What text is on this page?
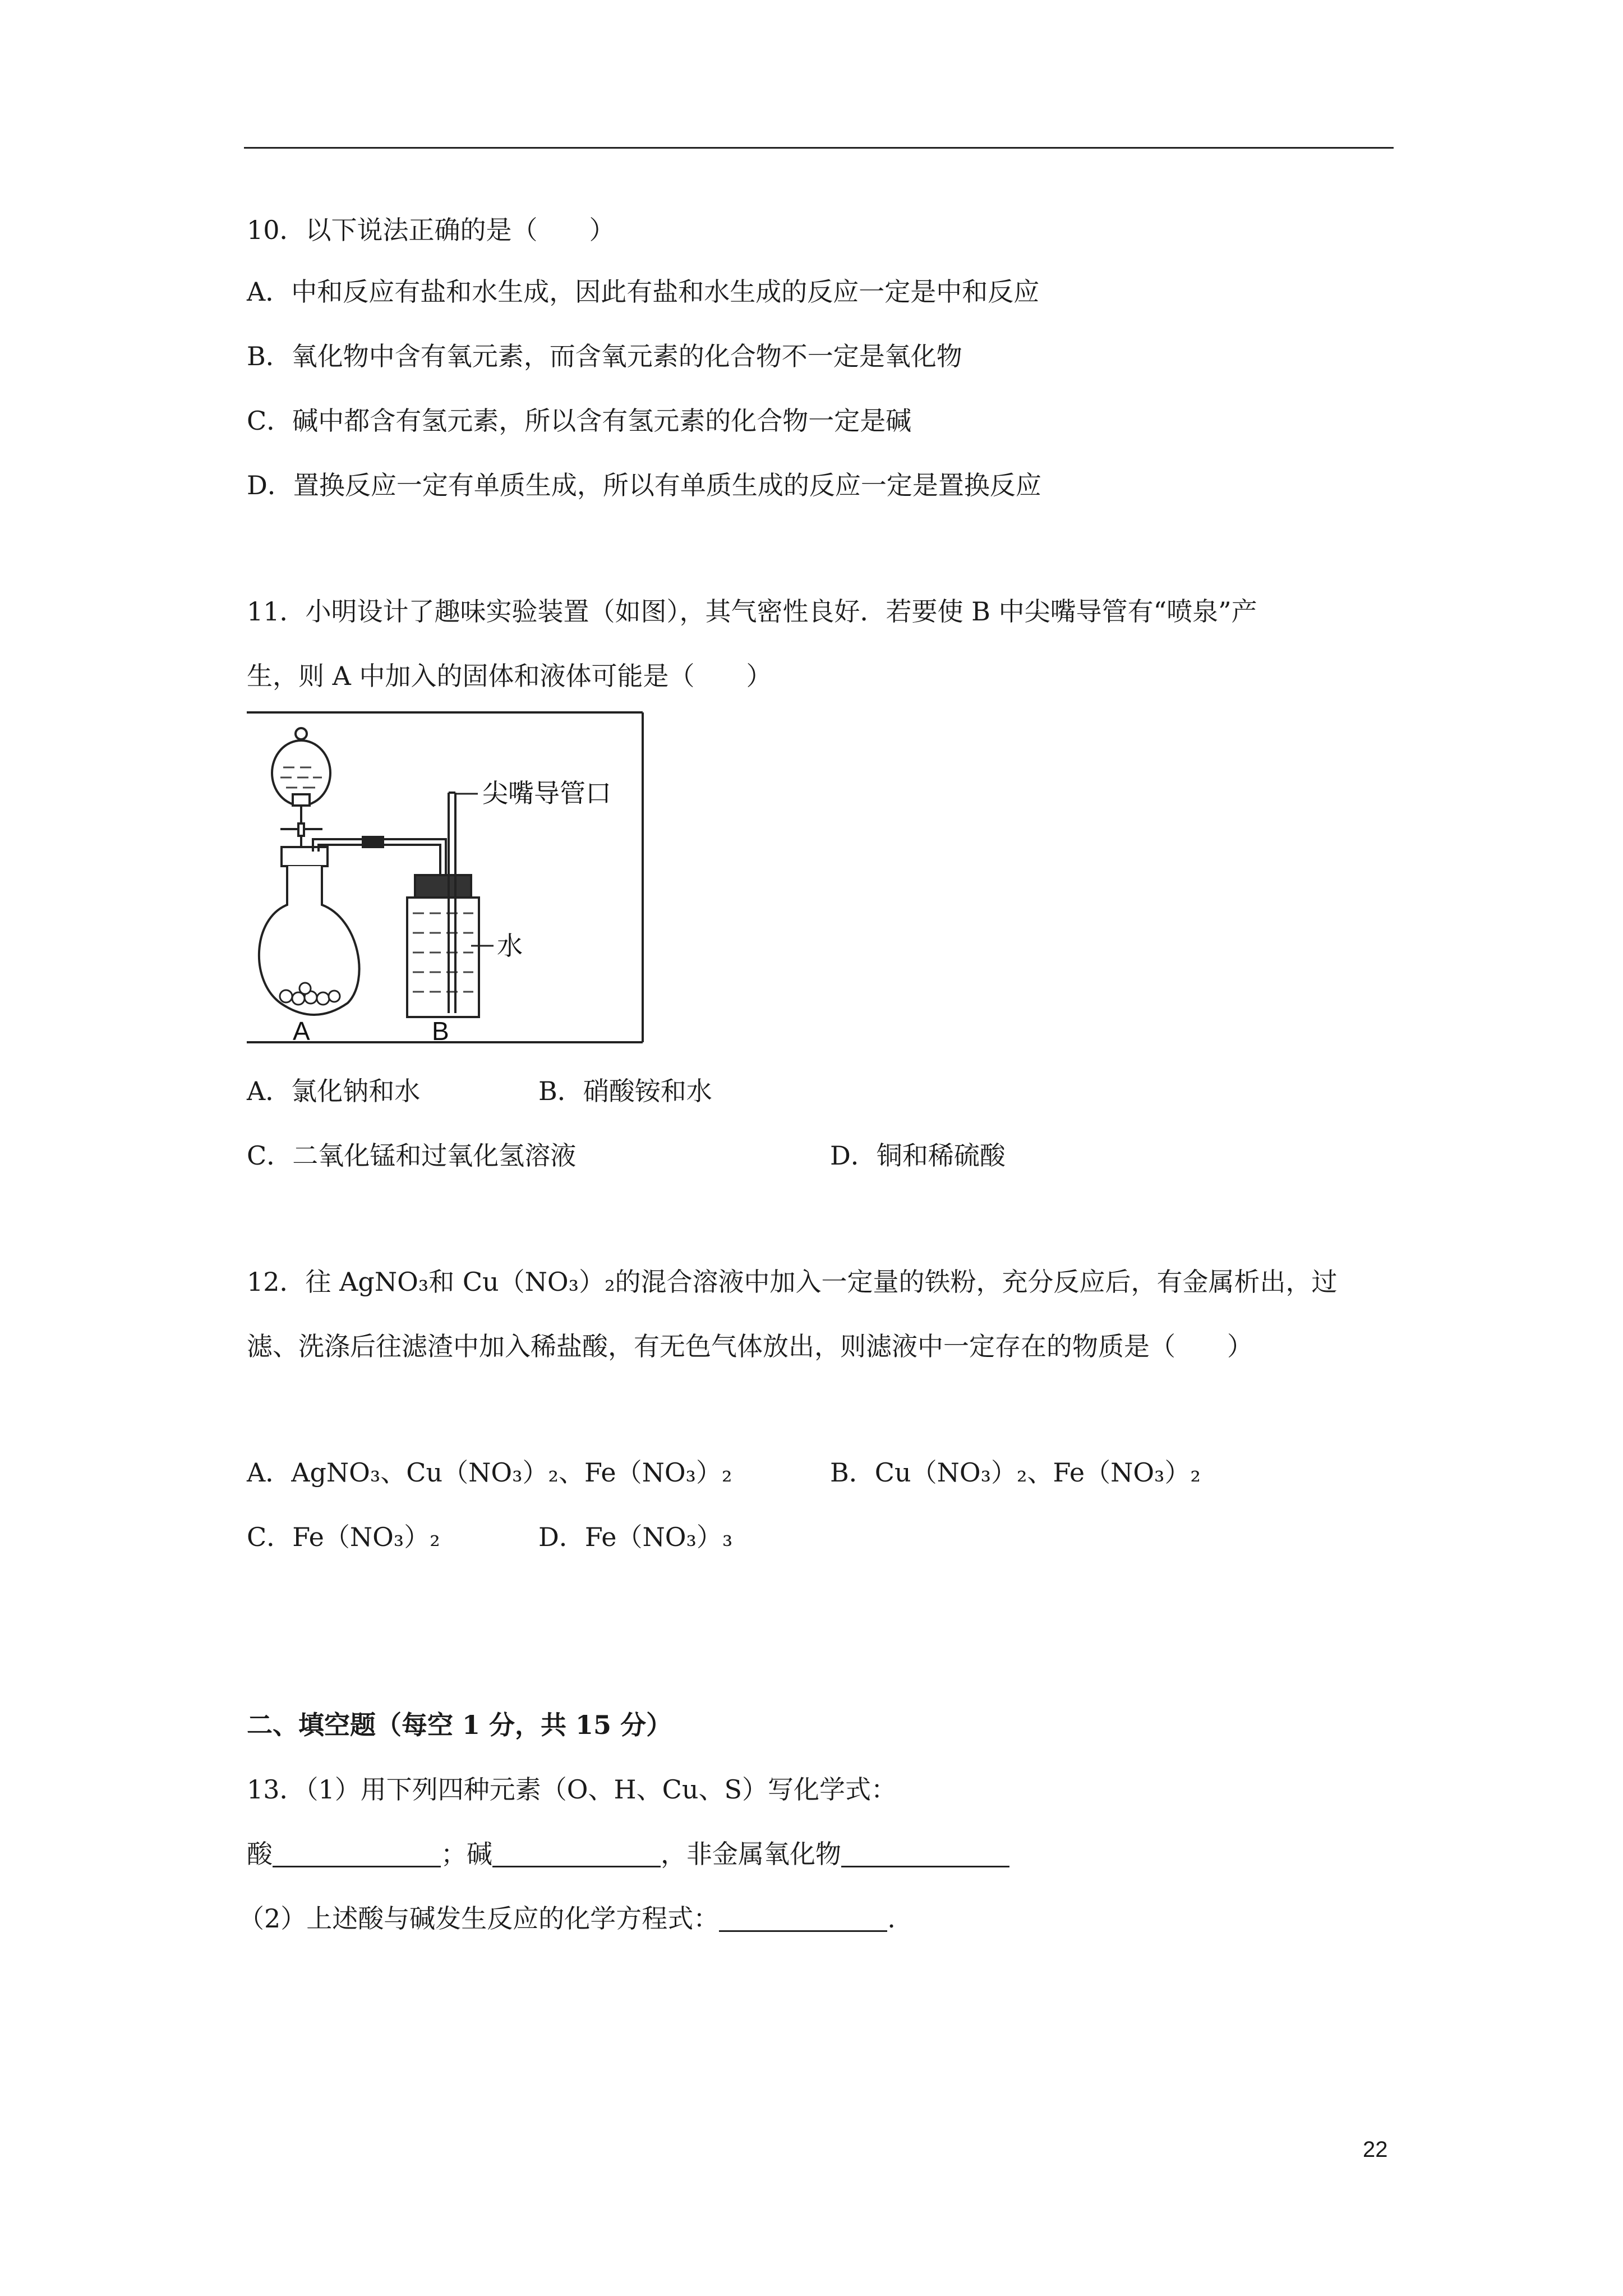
10．以下说法正确的是（　　）
A．中和反应有盐和水生成，因此有盐和水生成的反应一定是中和反应
B．氧化物中含有氧元素，而含氧元素的化合物不一定是氧化物
C．碱中都含有氢元素，所以含有氢元素的化合物一定是碱
D．置换反应一定有单质生成，所以有单质生成的反应一定是置换反应
11．小明设计了趣味实验装置（如图），其气密性良好．若要使 B 中尖嘴导管有“喷泉”产
生，则 A 中加入的固体和液体可能是（　　）
尖嘴导管口
水
A	B
A．氯化钠和水	B．硝酸铵和水
C．二氧化锰和过氧化氢溶液	D．铜和稀硫酸
12．往 AgNO₃和 Cu（NO₃）₂的混合溶液中加入一定量的铁粉，充分反应后，有金属析出，过
滤、洗涤后往滤渣中加入稀盐酸，有无色气体放出，则滤液中一定存在的物质是（　　）
A．AgNO₃、Cu（NO₃）₂、Fe（NO₃）₂	B．Cu（NO₃）₂、Fe（NO₃）₂
C．Fe（NO₃）₂	D．Fe（NO₃）₃
二、填空题（每空 1 分，共 15 分）
13．（1）用下列四种元素（O、H、Cu、S）写化学式：
酸	；碱	，非金属氧化物
（2）上述酸与碱发生反应的化学方程式：	.
22
